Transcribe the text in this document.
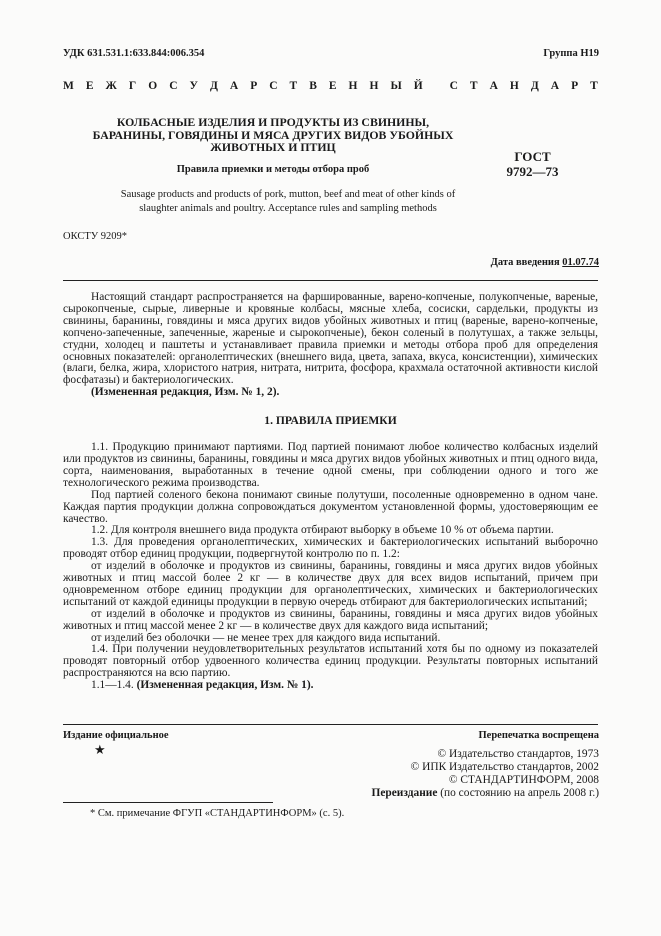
УДК 631.531.1:633.844:006.354	Группа Н19
М
Е
Ж
Г
О
С
У
Д
А
Р
С
Т
В
Е
Н
Н
Ы
Й

С
Т
А
Н
Д
А
Р
Т
КОЛБАСНЫЕ ИЗДЕЛИЯ И ПРОДУКТЫ ИЗ СВИНИНЫ,
БАРАНИНЫ, ГОВЯДИНЫ И МЯСА ДРУГИХ ВИДОВ УБОЙНЫХ
ЖИВОТНЫХ И ПТИЦ
ГОСТ
9792—73
Правила приемки и методы отбора проб
Sausage products and products of pork, mutton, beef and meat of other kinds of
slaughter animals and poultry. Acceptance rules and sampling methods
ОКСТУ 9209*
Дата введения 01.07.74

Настоящий стандарт распространяется на фаршированные, варено-копченые, полукопченые, вареные, сырокопченые, сырые, ливерные и кровяные колбасы, мясные хлеба, сосиски, сардельки, продукты из свинины, баранины, говядины и мяса других видов убойных животных и птиц (вареные, варено-копченые, копчено-запеченные, запеченные, жареные и сырокопченые), бекон соленый в полутушах, а также зельцы, студни, холодец и паштеты и устанавливает правила приемки и методы отбора проб для определения основных показателей: органолептических (внешнего вида, цвета, запаха, вкуса, консистенции), химических (влаги, белка, жира, хлористого натрия, нитрата, нитрита, фосфора, крахмала остаточной активности кислой фосфатазы) и бактериологических.

(Измененная редакция, Изм. № 1, 2).

1. ПРАВИЛА ПРИЕМКИ

1.1. Продукцию принимают партиями. Под партией понимают любое количество колбасных изделий или продуктов из свинины, баранины, говядины и мяса других видов убойных животных и птиц одного вида, сорта, наименования, выработанных в течение одной смены, при соблюдении одного и того же технологического режима производства.

Под партией соленого бекона понимают свиные полутуши, посоленные одновременно в одном чане. Каждая партия продукции должна сопровождаться документом установленной формы, удостоверяющим ее качество.

1.2. Для контроля внешнего вида продукта отбирают выборку в объеме 10 % от объема партии.

1.3. Для проведения органолептических, химических и бактериологических испытаний выборочно проводят отбор единиц продукции, подвергнутой контролю по п. 1.2:

от изделий в оболочке и продуктов из свинины, баранины, говядины и мяса других видов убойных животных и птиц массой более 2 кг — в количестве двух для всех видов испытаний, причем при одновременном отборе единиц продукции для органолептических, химических и бактериологических испытаний от каждой единицы продукции в первую очередь отбирают для бактериологических испытаний;

от изделий в оболочке и продуктов из свинины, баранины, говядины и мяса других видов убойных животных и птиц массой менее 2 кг — в количестве двух для каждого вида испытаний;

от изделий без оболочки — не менее трех для каждого вида испытаний.

1.4. При получении неудовлетворительных результатов испытаний хотя бы по одному из показателей проводят повторный отбор удвоенного количества единиц продукции. Результаты повторных испытаний распространяются на всю партию.

1.1—1.4. (Измененная редакция, Изм. № 1).

Издание официальное	Перепечатка воспрещена
★	© Издательство стандартов, 1973
© ИПК Издательство стандартов, 2002
© СТАНДАРТИНФОРМ, 2008
Переиздание (по состоянию на апрель 2008 г.)
* См. примечание ФГУП «СТАНДАРТИНФОРМ» (с. 5).
